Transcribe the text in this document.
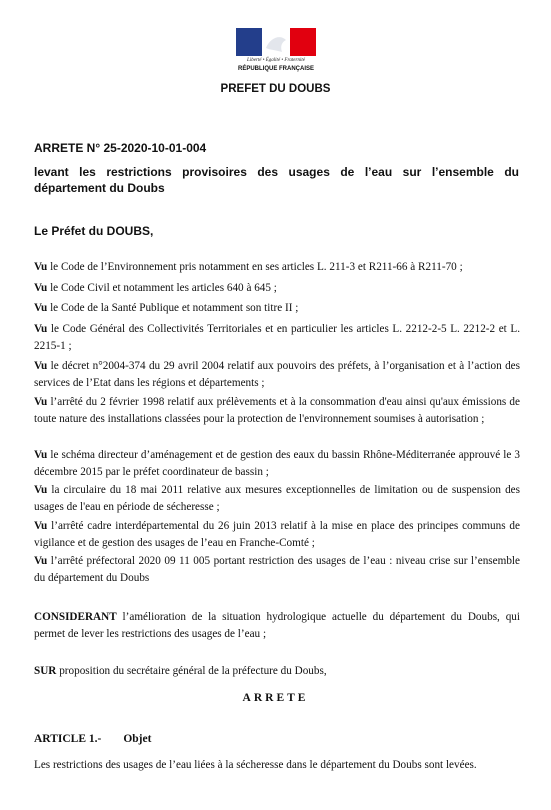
Liberté • Égalité • Fraternité
RÉPUBLIQUE FRANÇAISE
PREFET DU DOUBS
ARRETE N° 25-2020-10-01-004
levant les restrictions provisoires des usages de l’eau sur l’ensemble du département du Doubs
Le Préfet du DOUBS,
Vu le Code de l’Environnement pris notamment en ses articles L. 211-3 et R211-66 à R211-70 ;
Vu le Code Civil et notamment les articles 640 à 645 ;
Vu le Code de la Santé Publique et notamment son titre II ;
Vu le Code Général des Collectivités Territoriales et en particulier les articles L. 2212-2-5 L. 2212-2 et L. 2215-1 ;
Vu le décret n°2004-374 du 29 avril 2004 relatif aux pouvoirs des préfets, à l’organisation et à l’action des services de l’Etat dans les régions et départements ;
Vu l’arrêté du 2 février 1998 relatif aux prélèvements et à la consommation d'eau ainsi qu'aux émissions de toute nature des installations classées pour la protection de l'environnement soumises à autorisation ;
Vu le schéma directeur d’aménagement et de gestion des eaux du bassin Rhône-Méditerranée approuvé le 3 décembre 2015 par le préfet coordinateur de bassin ;
Vu la circulaire du 18 mai 2011 relative aux mesures exceptionnelles de limitation ou de suspension des usages de l'eau en période de sécheresse ;
Vu l’arrêté cadre interdépartemental du 26 juin 2013 relatif à la mise en place des principes communs de vigilance et de gestion des usages de l’eau en Franche-Comté ;
Vu l’arrêté préfectoral 2020 09 11 005 portant restriction des usages de l’eau : niveau crise sur l’ensemble du département du Doubs
CONSIDERANT l’amélioration de la situation hydrologique actuelle du département du Doubs, qui permet de lever les restrictions des usages de l’eau ;
SUR proposition du secrétaire général de la préfecture du Doubs,
ARRETE
ARTICLE 1.- Objet
Les restrictions des usages de l’eau liées à la sécheresse dans le département du Doubs sont levées.
